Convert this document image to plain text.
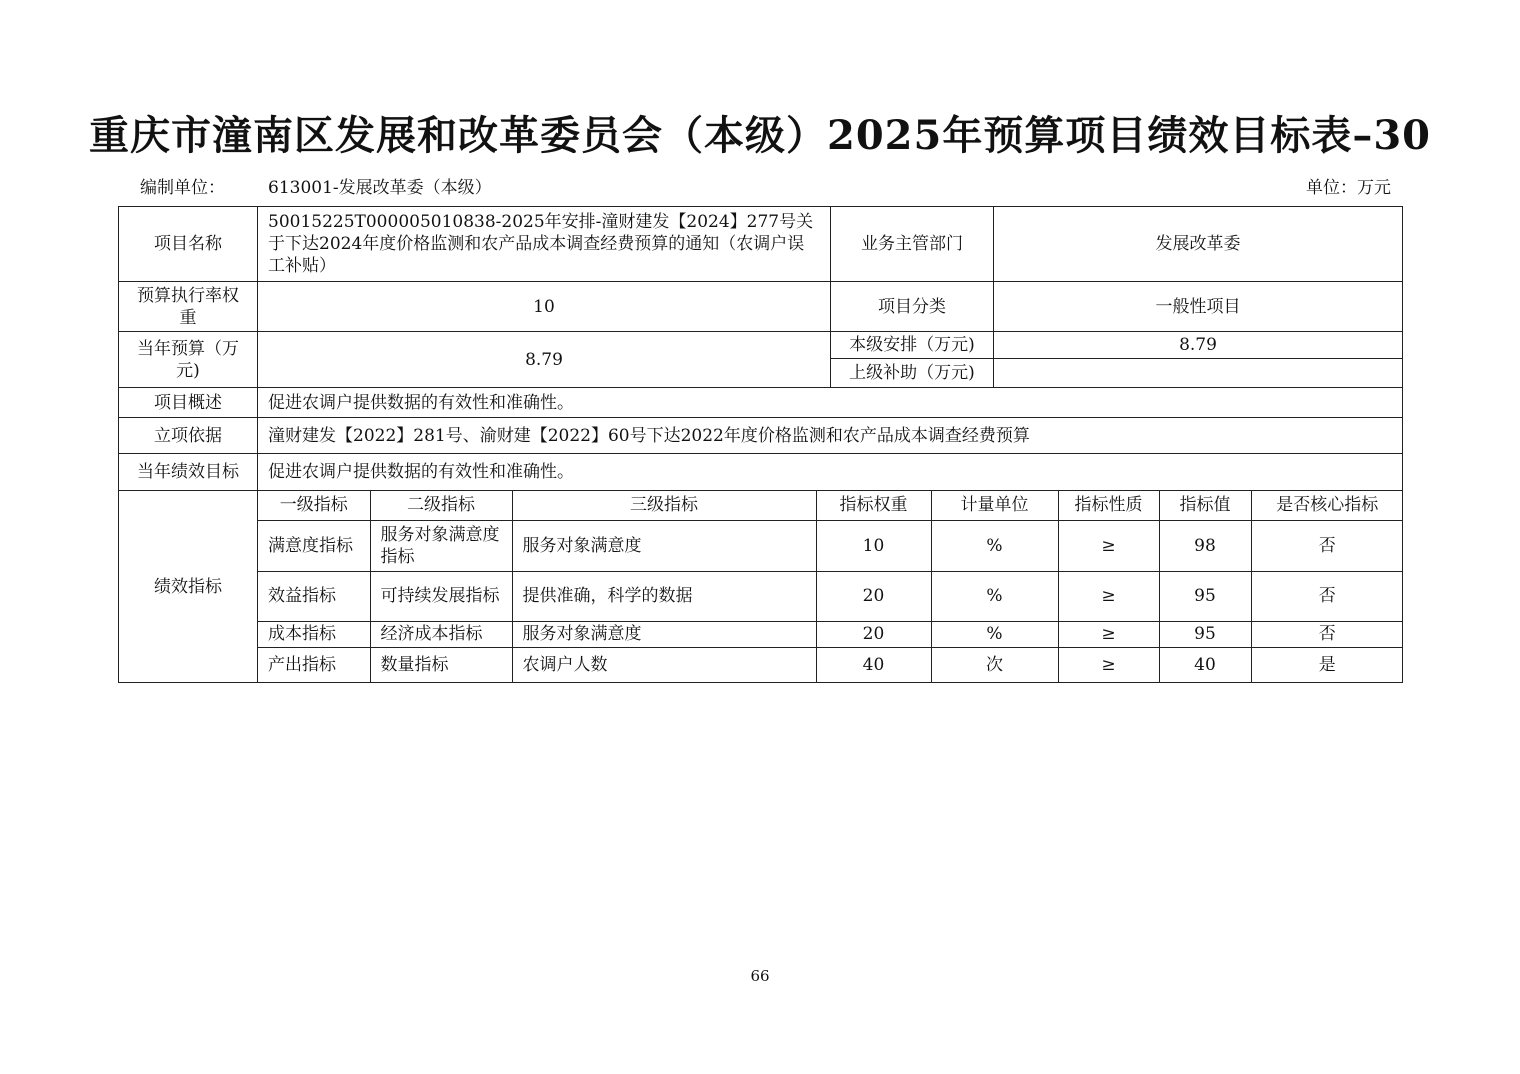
重庆市潼南区发展和改革委员会（本级）2025年预算项目绩效目标表–30
编制单位：	613001-发展改革委（本级）	单位：万元
项目名称	50015225T000005010838-2025年安排-潼财建发【2024】277号关于下达2024年度价格监测和农产品成本调查经费预算的通知（农调户误工补贴）	业务主管部门	发展改革委
预算执行率权重	10	项目分类	一般性项目
当年预算（万元)	8.79	本级安排（万元)	8.79
上级补助（万元)	
项目概述	促进农调户提供数据的有效性和准确性。
立项依据	潼财建发【2022】281号、渝财建【2022】60号下达2022年度价格监测和农产品成本调查经费预算
当年绩效目标	促进农调户提供数据的有效性和准确性。
绩效指标	
一级指标	二级指标	三级指标	指标权重	计量单位	指标性质	指标值	是否核心指标
满意度指标	服务对象满意度指标	服务对象满意度	10	%	≥	98	否
效益指标	可持续发展指标	提供准确，科学的数据	20	%	≥	95	否
成本指标	经济成本指标	服务对象满意度	20	%	≥	95	否
产出指标	数量指标	农调户人数	40	次	≥	40	是
66
